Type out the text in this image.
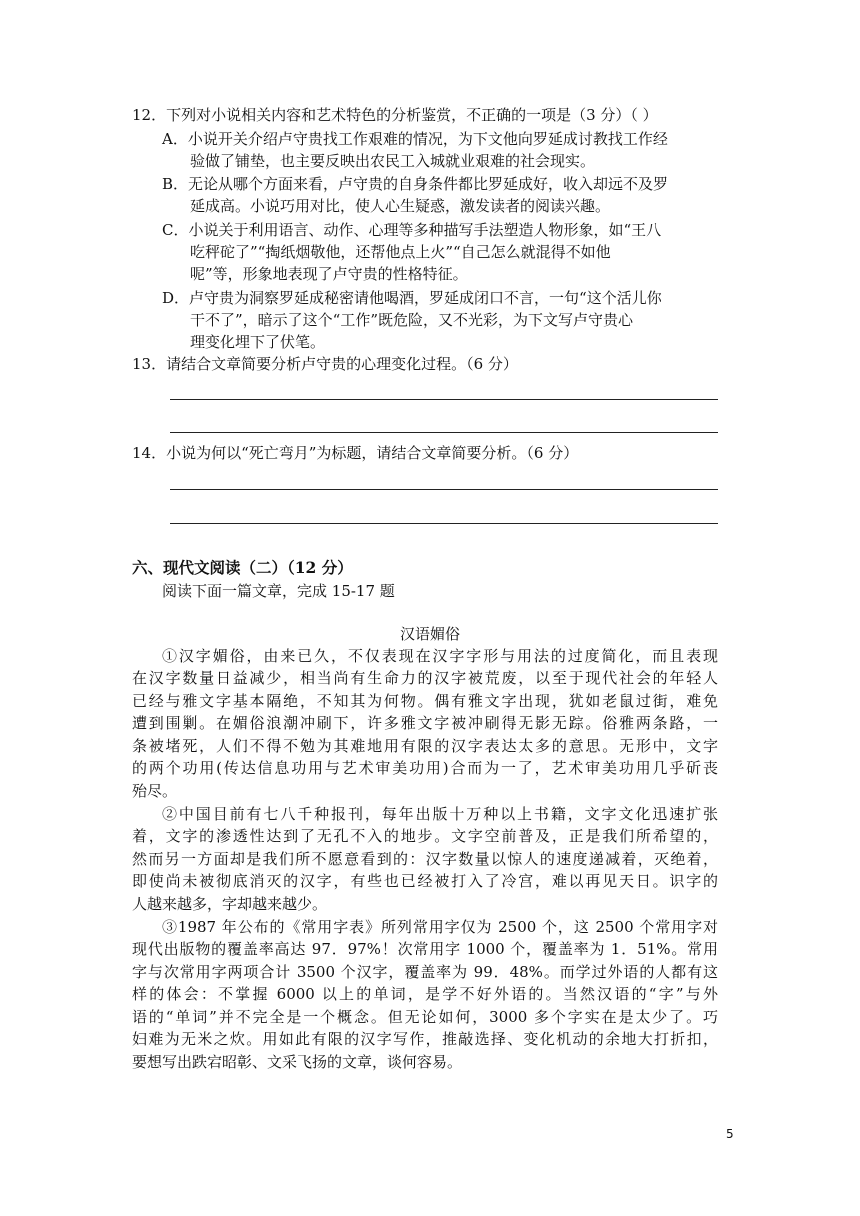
12．下列对小说相关内容和艺术特色的分析鉴赏，不正确的一项是（3 分）（ ）
A．小说开关介绍卢守贵找工作艰难的情况，为下文他向罗延成讨教找工作经
验做了铺垫，也主要反映出农民工入城就业艰难的社会现实。
B．无论从哪个方面来看，卢守贵的自身条件都比罗延成好，收入却远不及罗
延成高。小说巧用对比，使人心生疑惑，激发读者的阅读兴趣。
C．小说关于利用语言、动作、心理等多种描写手法塑造人物形象，如“王八
吃秤砣了”“掏纸烟敬他，还帮他点上火”“自己怎么就混得不如他
呢”等，形象地表现了卢守贵的性格特征。
D．卢守贵为洞察罗延成秘密请他喝酒，罗延成闭口不言，一句“这个活儿你
干不了”，暗示了这个“工作”既危险，又不光彩，为下文写卢守贵心
理变化埋下了伏笔。
13．请结合文章简要分析卢守贵的心理变化过程。（6 分）
14．小说为何以“死亡弯月”为标题，请结合文章简要分析。（6 分）
六、现代文阅读（二）（12 分）
阅读下面一篇文章，完成 15-17 题
汉语媚俗
①汉字媚俗，由来已久，不仅表现在汉字字形与用法的过度简化，而且表现
在汉字数量日益减少，相当尚有生命力的汉字被荒废，以至于现代社会的年轻人
已经与雅文字基本隔绝，不知其为何物。偶有雅文字出现，犹如老鼠过街，难免
遭到围剿。在媚俗浪潮冲刷下，许多雅文字被冲刷得无影无踪。俗雅两条路，一
条被堵死，人们不得不勉为其难地用有限的汉字表达太多的意思。无形中，文字
的两个功用(传达信息功用与艺术审美功用)合而为一了，艺术审美功用几乎斫丧
殆尽。
②中国目前有七八千种报刊，每年出版十万种以上书籍，文字文化迅速扩张
着，文字的渗透性达到了无孔不入的地步。文字空前普及，正是我们所希望的，
然而另一方面却是我们所不愿意看到的：汉字数量以惊人的速度递减着，灭绝着，
即使尚未被彻底消灭的汉字，有些也已经被打入了冷宫，难以再见天日。识字的
人越来越多，字却越来越少。
③1987 年公布的《常用字表》所列常用字仅为 2500 个，这 2500 个常用字对
现代出版物的覆盖率高达 97．97%！次常用字 1000 个，覆盖率为 1．51%。常用
字与次常用字两项合计 3500 个汉字，覆盖率为 99．48%。而学过外语的人都有这
样的体会：不掌握 6000 以上的单词，是学不好外语的。当然汉语的“字”与外
语的“单词”并不完全是一个概念。但无论如何，3000 多个字实在是太少了。巧
妇难为无米之炊。用如此有限的汉字写作，推敲选择、变化机动的余地大打折扣，
要想写出跌宕昭彰、文采飞扬的文章，谈何容易。
5
